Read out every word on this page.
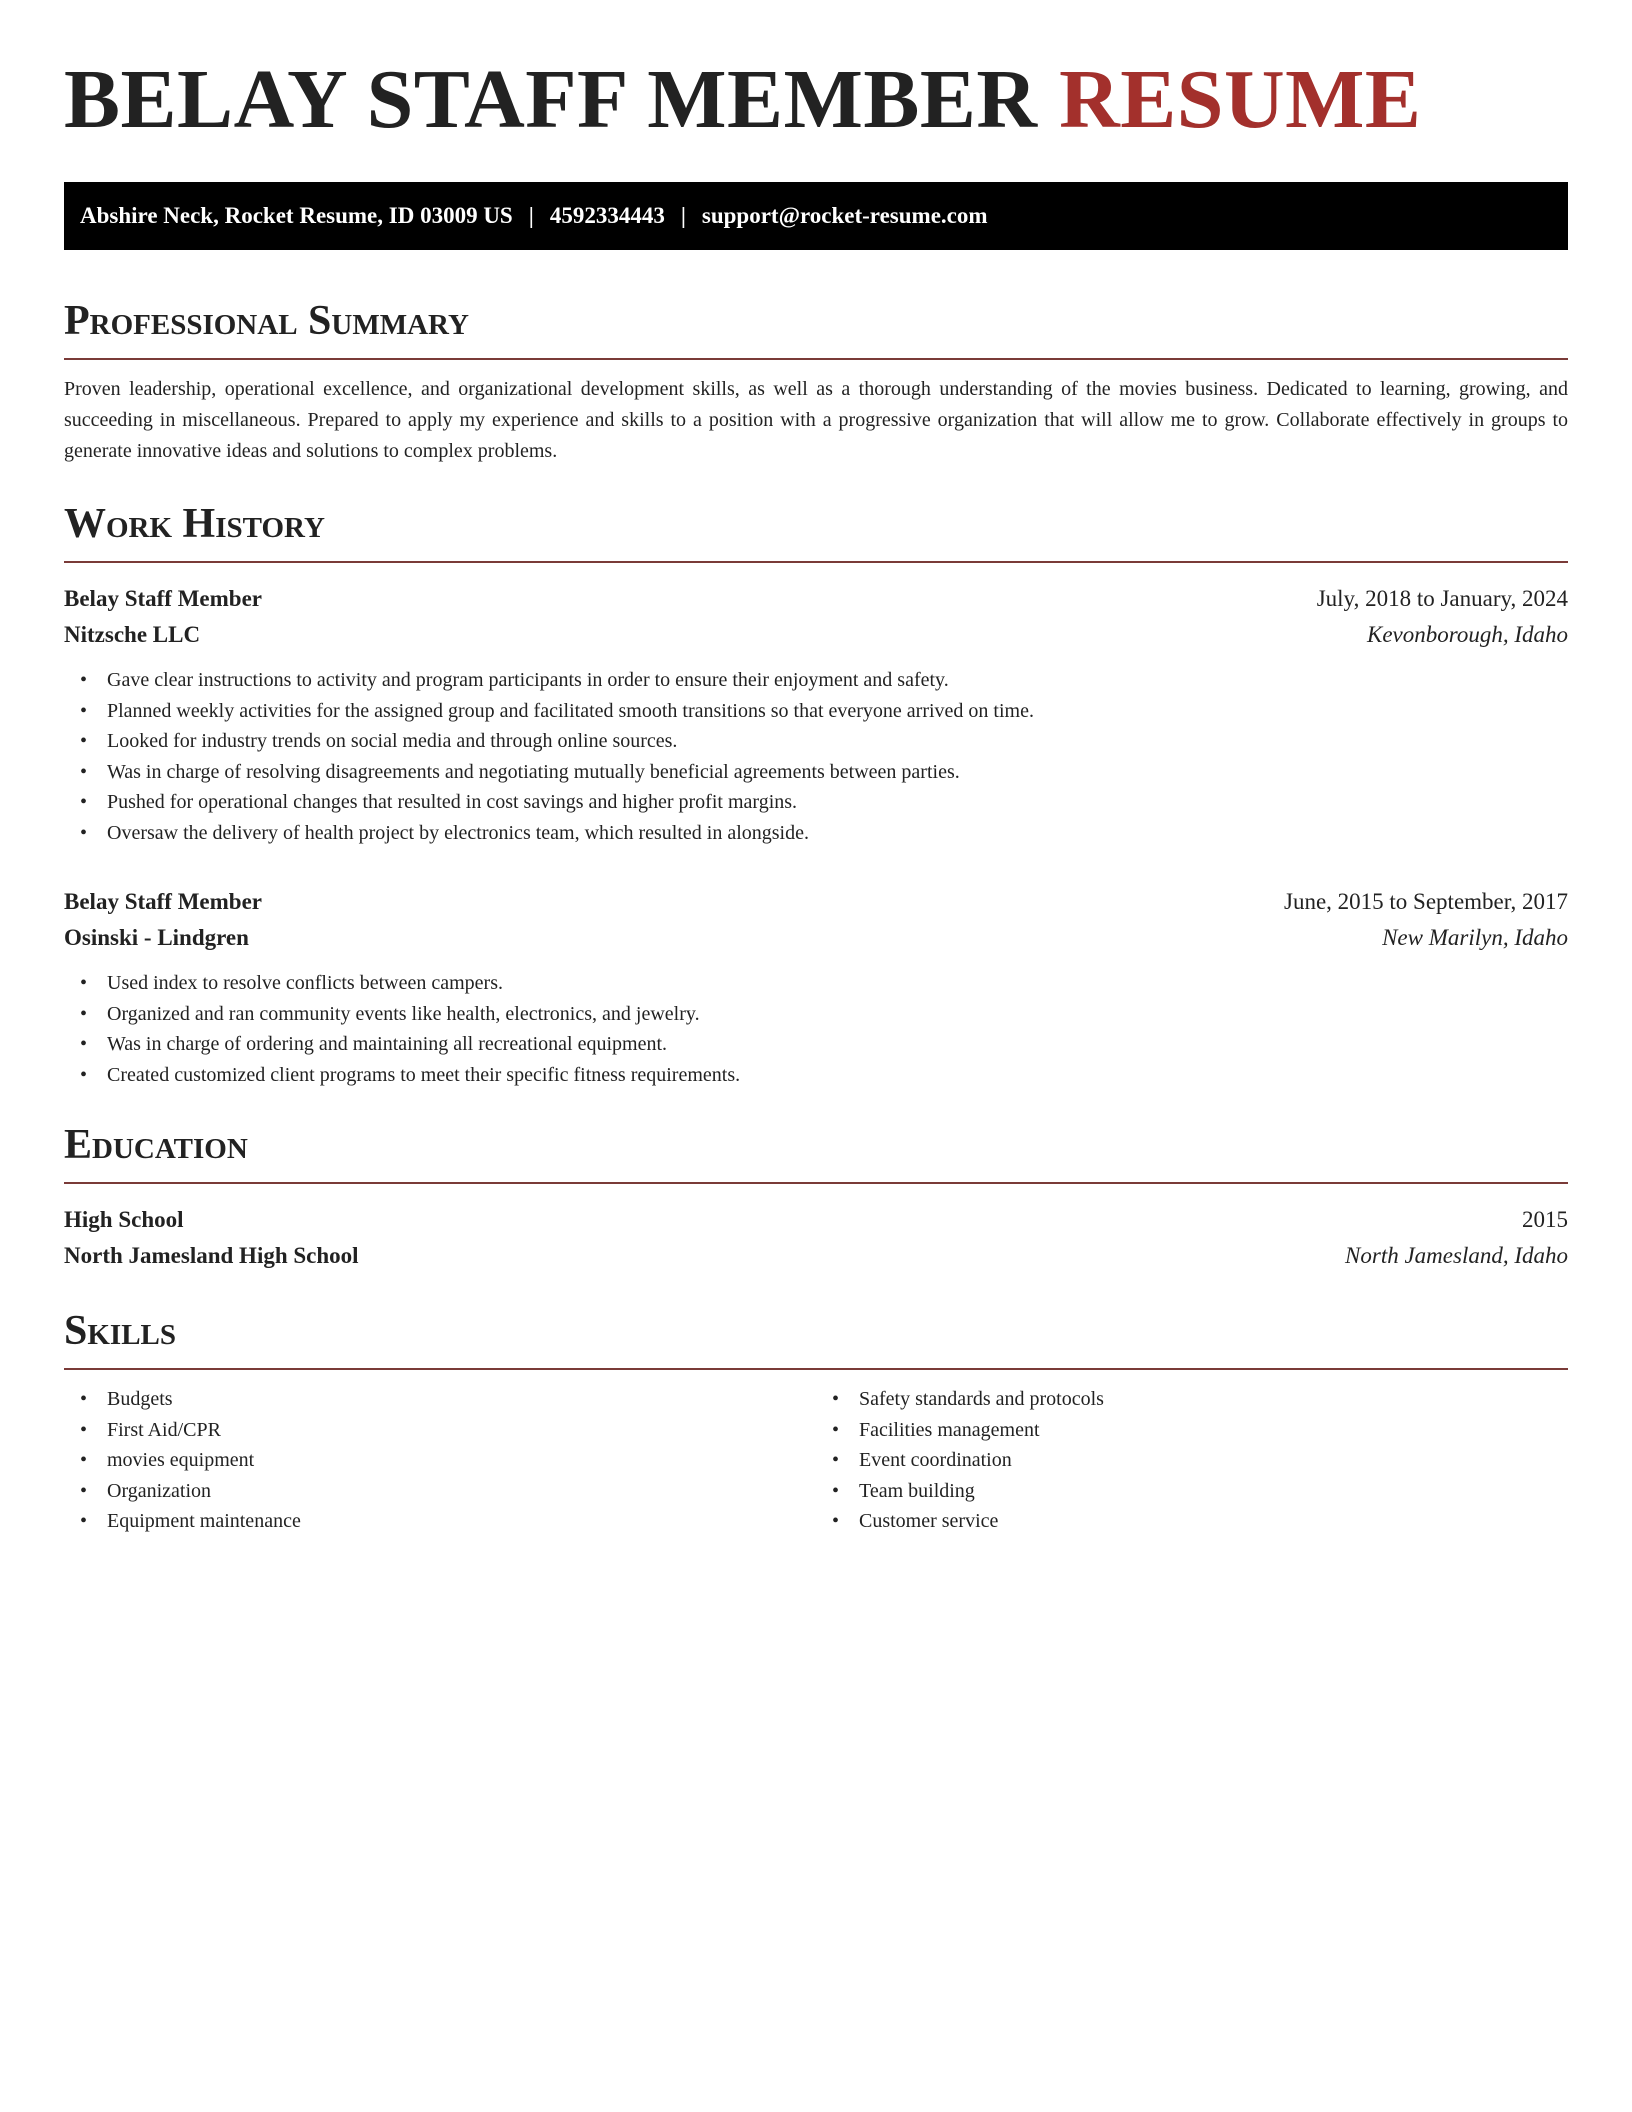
BELAY STAFF MEMBER RESUME
Abshire Neck, Rocket Resume, ID 03009 US | 4592334443 | support@rocket-resume.com
Professional Summary

Proven leadership, operational excellence, and organizational development skills, as well as a thorough understanding of the movies business. Dedicated to learning, growing, and succeeding in miscellaneous. Prepared to apply my experience and skills to a position with a progressive organization that will allow me to grow. Collaborate effectively in groups to generate innovative ideas and solutions to complex problems.

Work History
Belay Staff Member	July, 2018 to January, 2024
Nitzsche LLC	Kevonborough, Idaho
• Gave clear instructions to activity and program participants in order to ensure their enjoyment and safety.
• Planned weekly activities for the assigned group and facilitated smooth transitions so that everyone arrived on time.
• Looked for industry trends on social media and through online sources.
• Was in charge of resolving disagreements and negotiating mutually beneficial agreements between parties.
• Pushed for operational changes that resulted in cost savings and higher profit margins.
• Oversaw the delivery of health project by electronics team, which resulted in alongside.
Belay Staff Member	June, 2015 to September, 2017
Osinski - Lindgren	New Marilyn, Idaho
• Used index to resolve conflicts between campers.
• Organized and ran community events like health, electronics, and jewelry.
• Was in charge of ordering and maintaining all recreational equipment.
• Created customized client programs to meet their specific fitness requirements.
Education
High School	2015
North Jamesland High School	North Jamesland, Idaho
Skills
• Budgets
• First Aid/CPR
• movies equipment
• Organization
• Equipment maintenance
• Safety standards and protocols
• Facilities management
• Event coordination
• Team building
• Customer service
